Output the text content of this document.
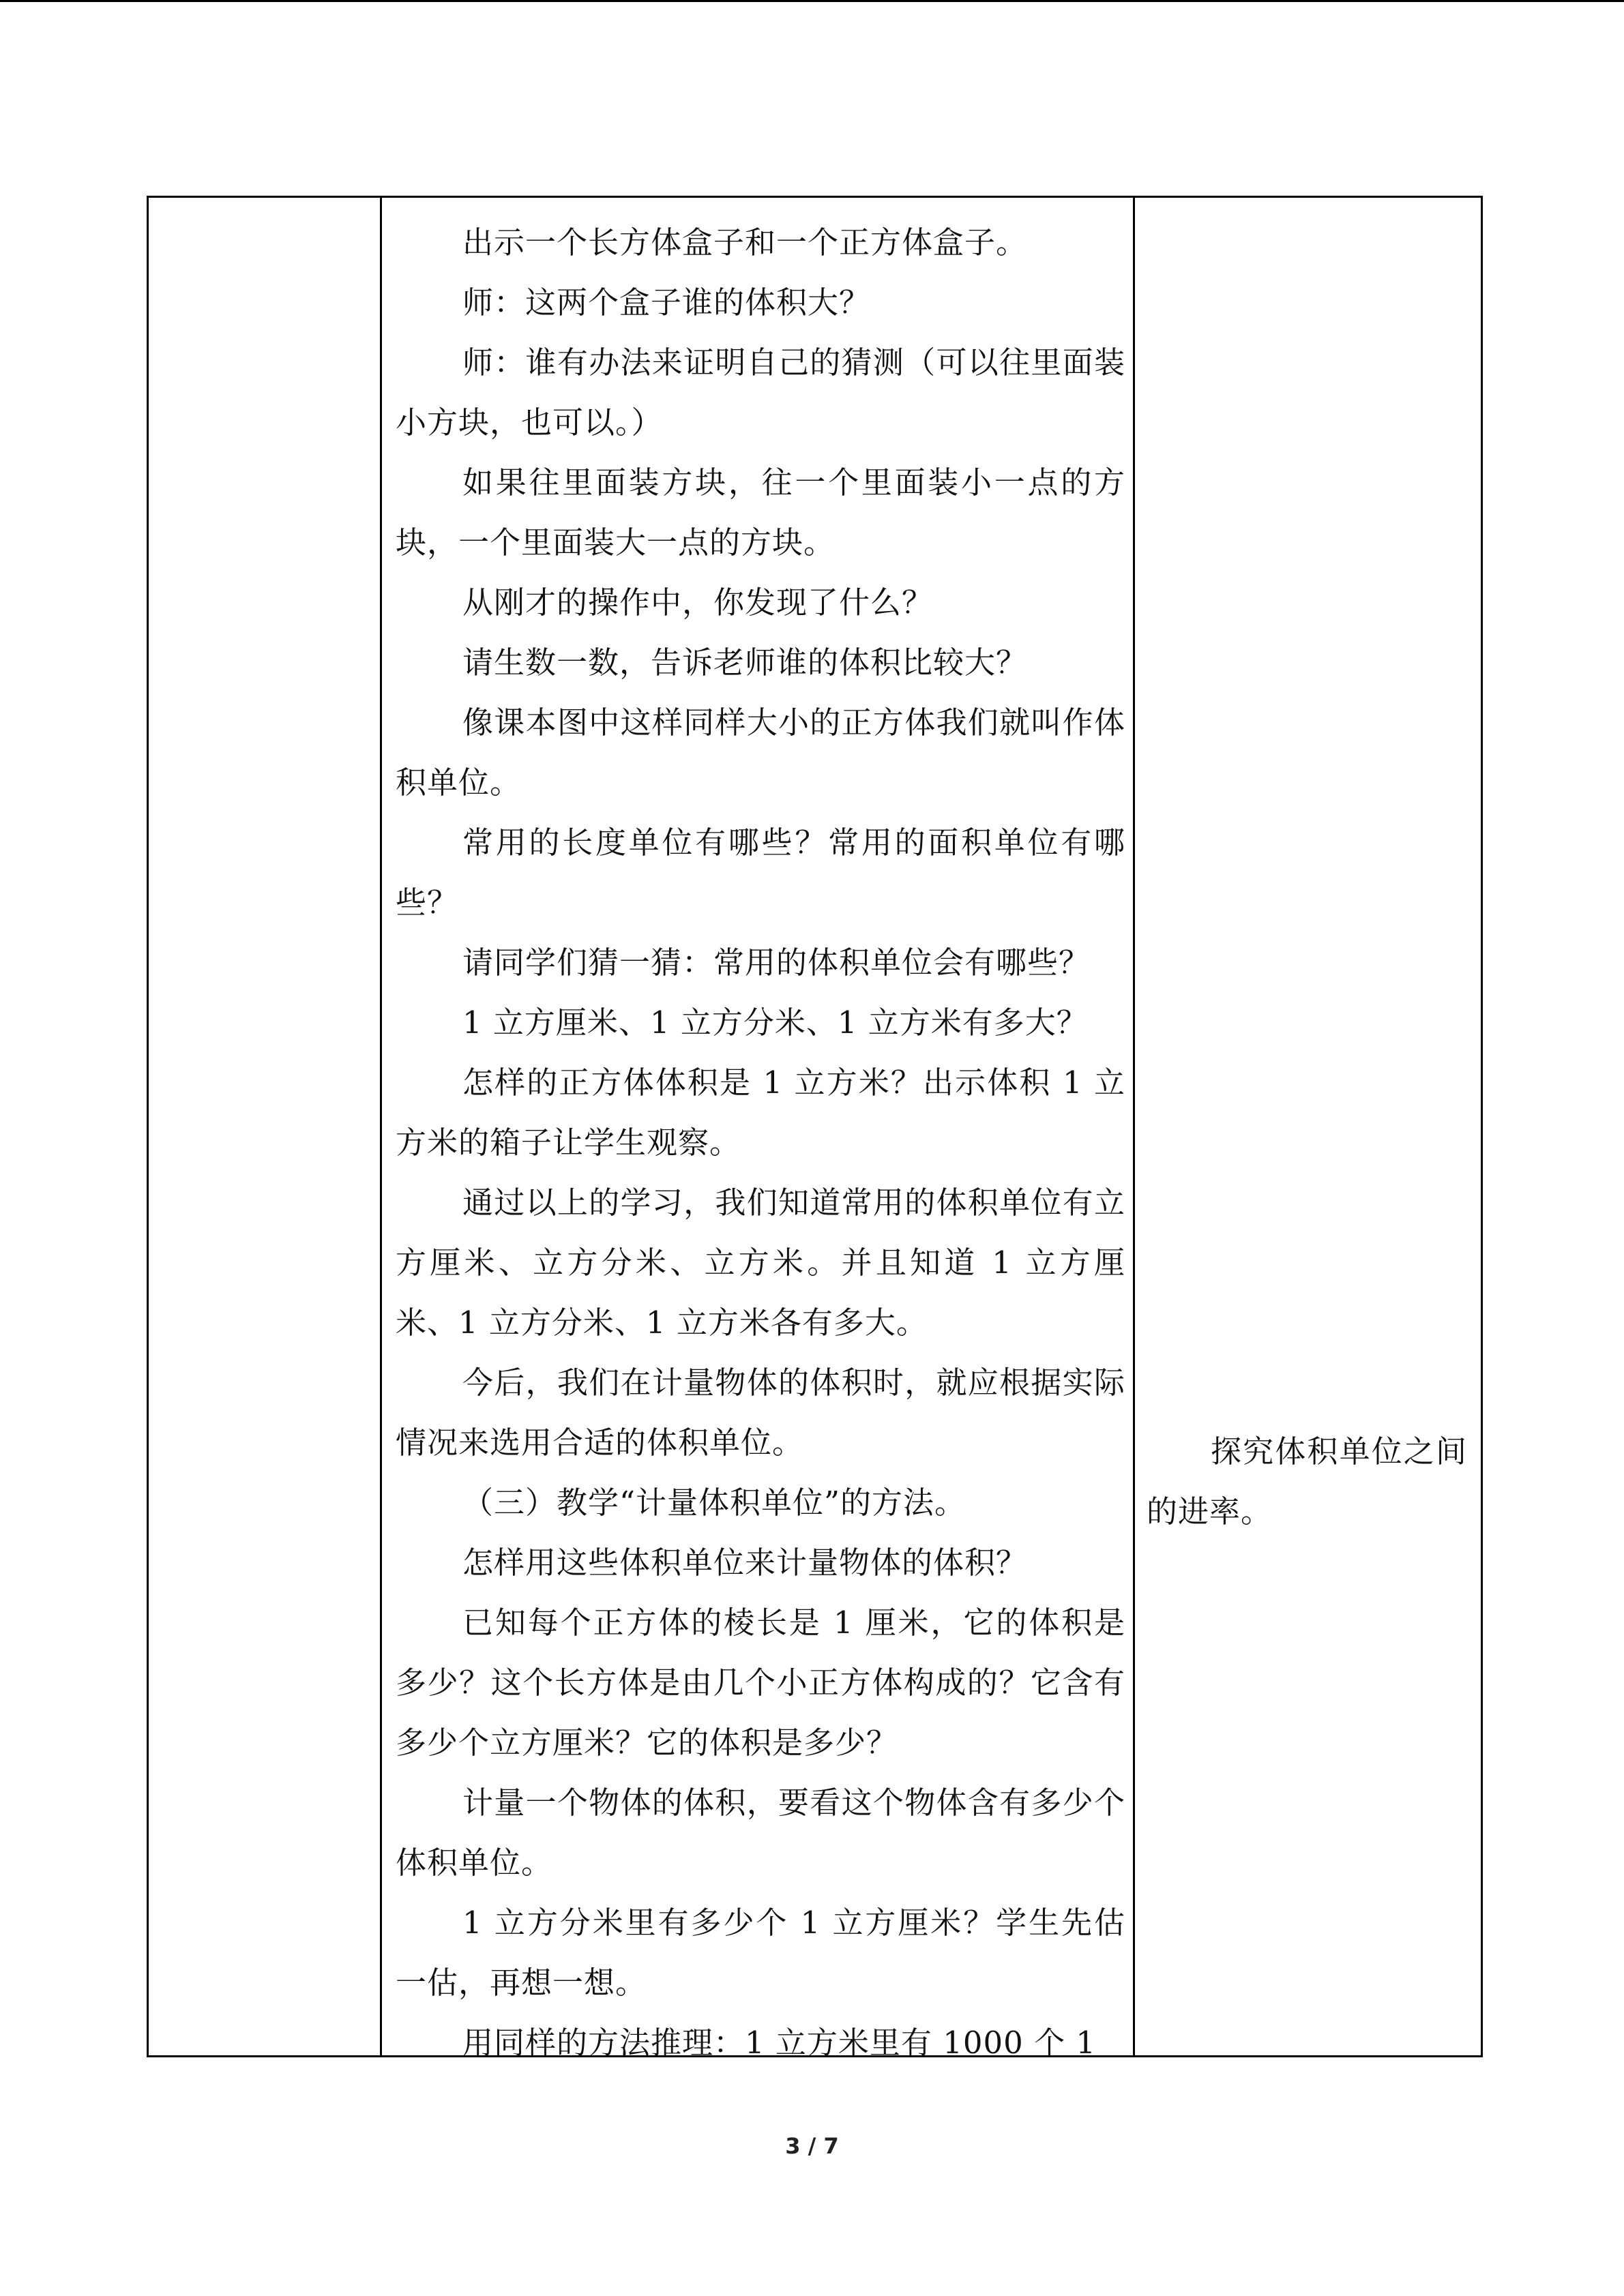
出示一个长方体盒子和一个正方体盒子。

师：这两个盒子谁的体积大？

师：谁有办法来证明自己的猜测（可以往里面装小方块，也可以。）

如果往里面装方块，往一个里面装小一点的方块，一个里面装大一点的方块。

从刚才的操作中，你发现了什么？

请生数一数，告诉老师谁的体积比较大？

像课本图中这样同样大小的正方体我们就叫作体积单位。

常用的长度单位有哪些？常用的面积单位有哪些？

请同学们猜一猜：常用的体积单位会有哪些？

1 立方厘米、1 立方分米、1 立方米有多大？

怎样的正方体体积是 1 立方米？出示体积 1 立方米的箱子让学生观察。

通过以上的学习，我们知道常用的体积单位有立方厘米、立方分米、立方米。并且知道 1 立方厘米、1 立方分米、1 立方米各有多大。

今后，我们在计量物体的体积时，就应根据实际情况来选用合适的体积单位。

（三）教学“计量体积单位”的方法。

怎样用这些体积单位来计量物体的体积？

已知每个正方体的棱长是 1 厘米，它的体积是多少？这个长方体是由几个小正方体构成的？它含有多少个立方厘米？它的体积是多少？

计量一个物体的体积，要看这个物体含有多少个体积单位。

1 立方分米里有多少个 1 立方厘米？学生先估一估，再想一想。

用同样的方法推理：1 立方米里有 1000 个 1

探究体积单位之间的进率。

3 / 7
